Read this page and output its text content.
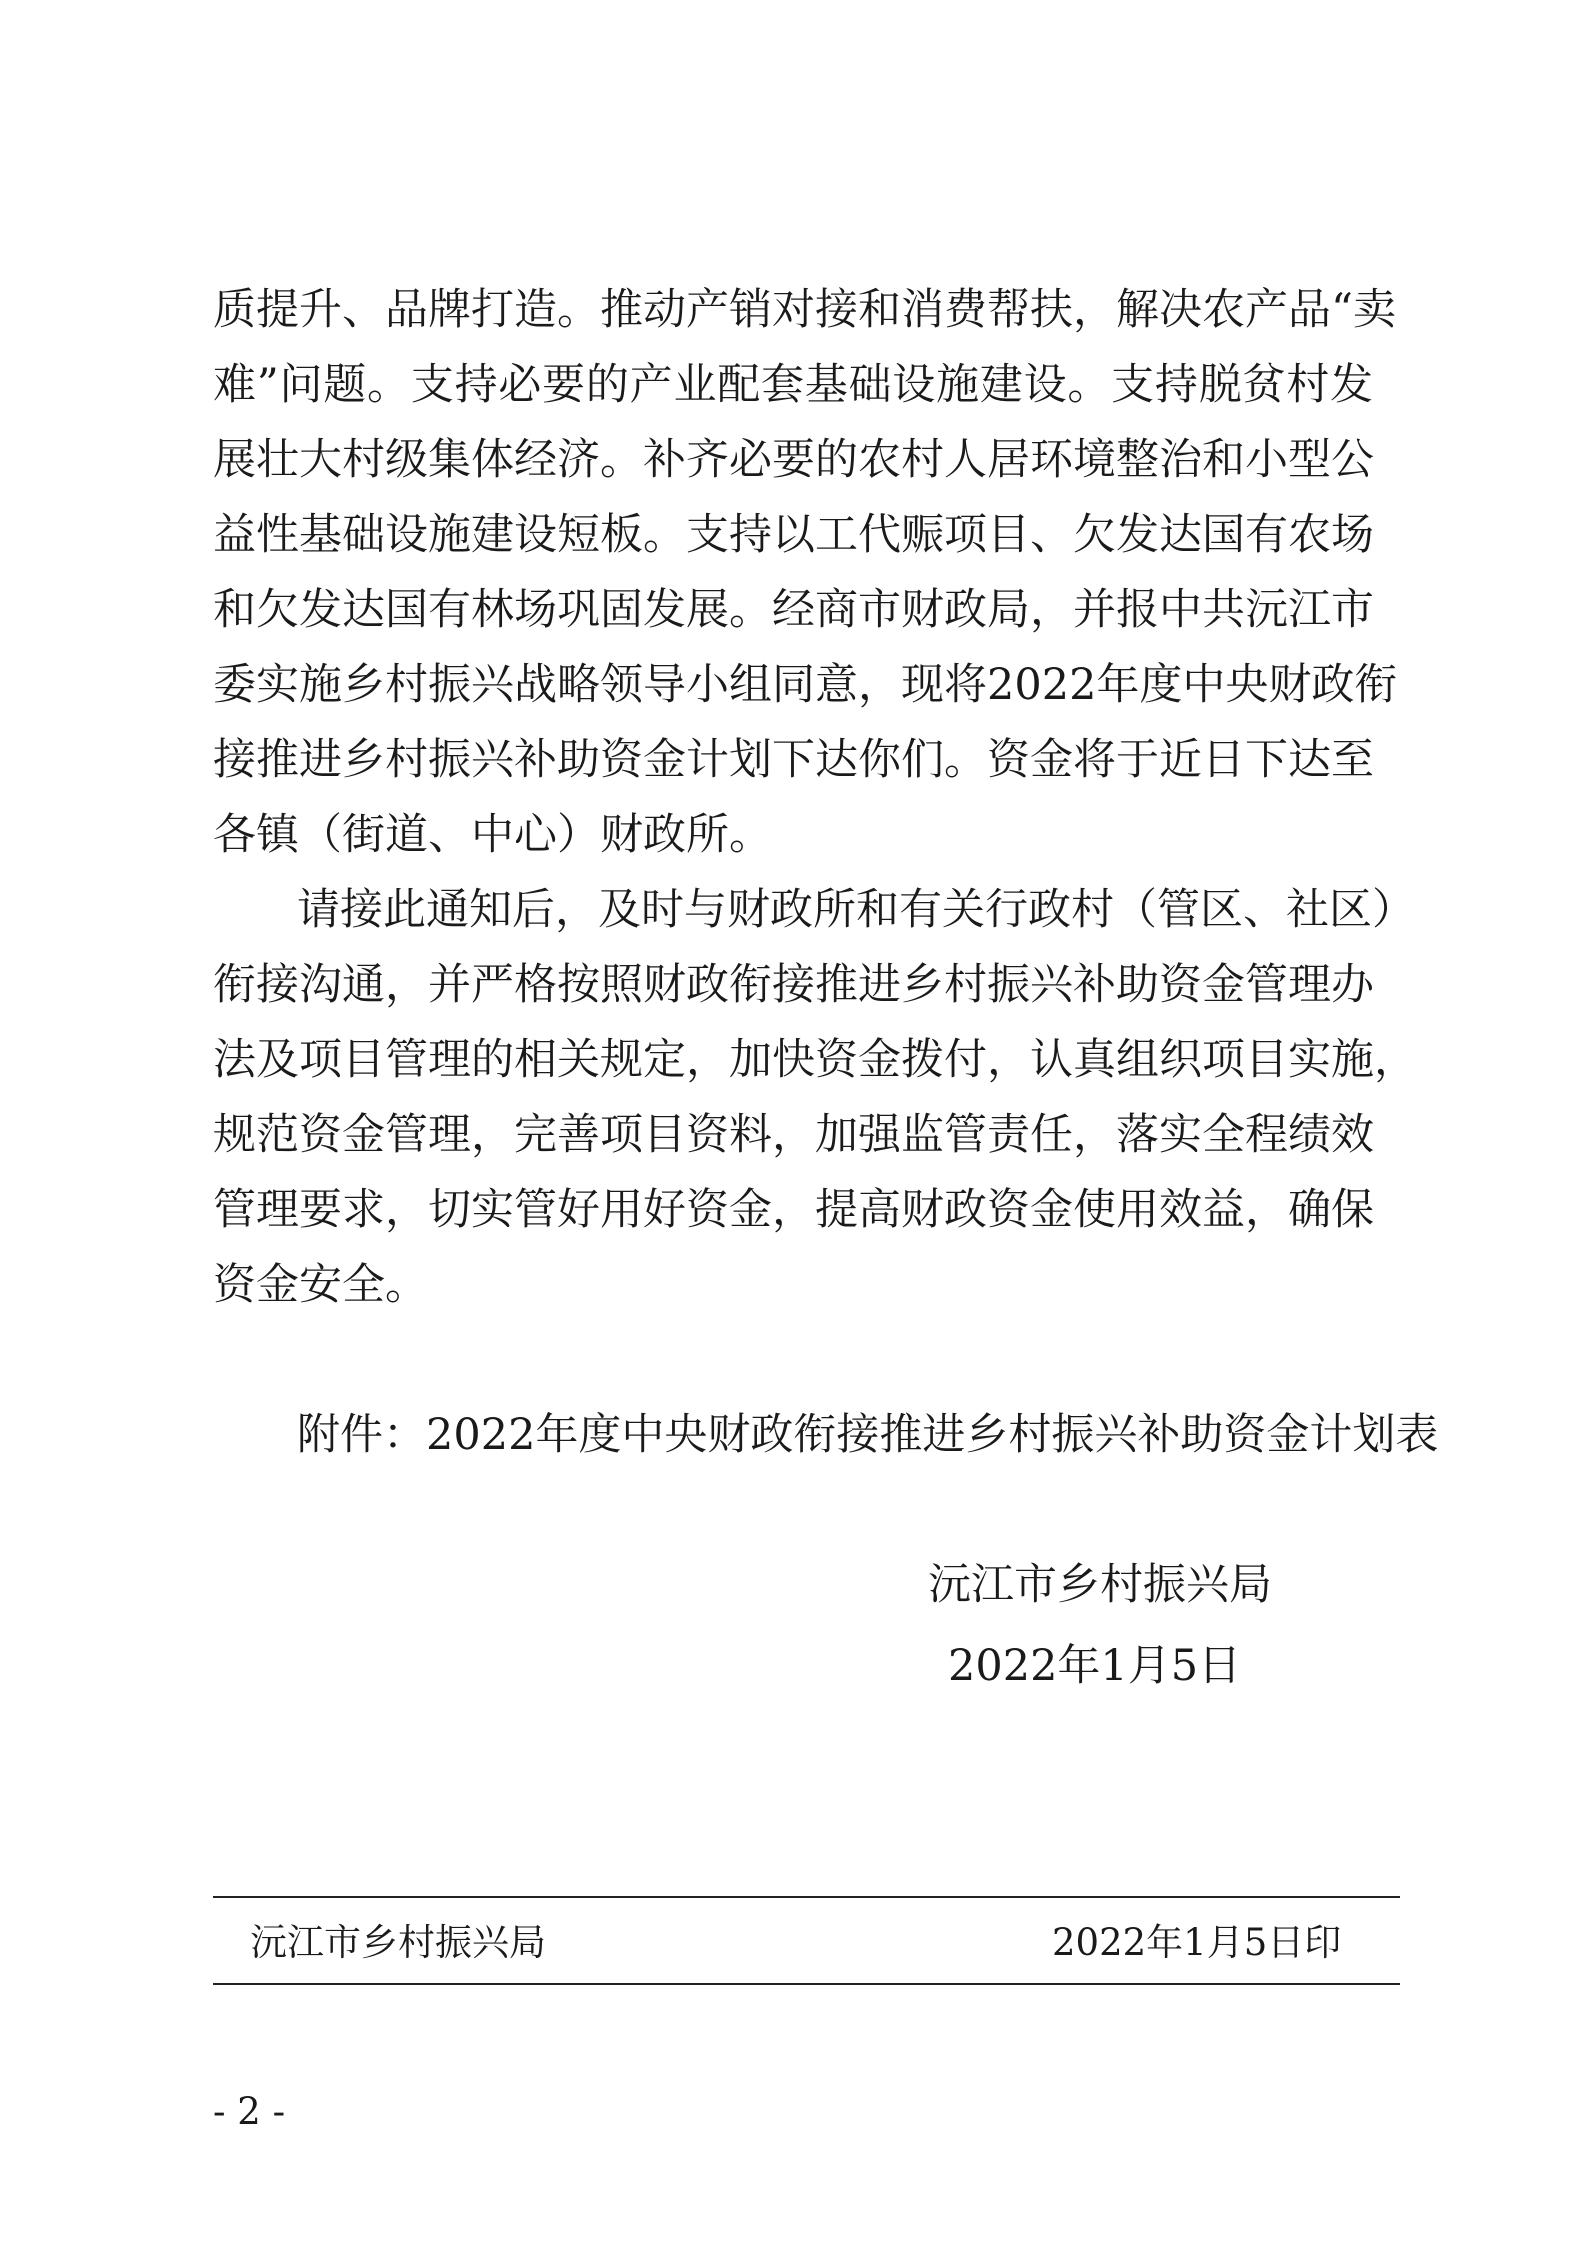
质提升、品牌打造。推动产销对接和消费帮扶，解决农产品“卖
难”问题。支持必要的产业配套基础设施建设。支持脱贫村发
展壮大村级集体经济。补齐必要的农村人居环境整治和小型公
益性基础设施建设短板。支持以工代赈项目、欠发达国有农场
和欠发达国有林场巩固发展。经商市财政局，并报中共沅江市
委实施乡村振兴战略领导小组同意，现将2022年度中央财政衔
接推进乡村振兴补助资金计划下达你们。资金将于近日下达至
各镇（街道、中心）财政所。
请接此通知后，及时与财政所和有关行政村（管区、社区）
衔接沟通，并严格按照财政衔接推进乡村振兴补助资金管理办
法及项目管理的相关规定，加快资金拨付，认真组织项目实施，
规范资金管理，完善项目资料，加强监管责任，落实全程绩效
管理要求，切实管好用好资金，提高财政资金使用效益，确保
资金安全。
附件：2022年度中央财政衔接推进乡村振兴补助资金计划表
沅江市乡村振兴局
2022年1月5日
沅江市乡村振兴局	2022年1月5日印
- 2 -
